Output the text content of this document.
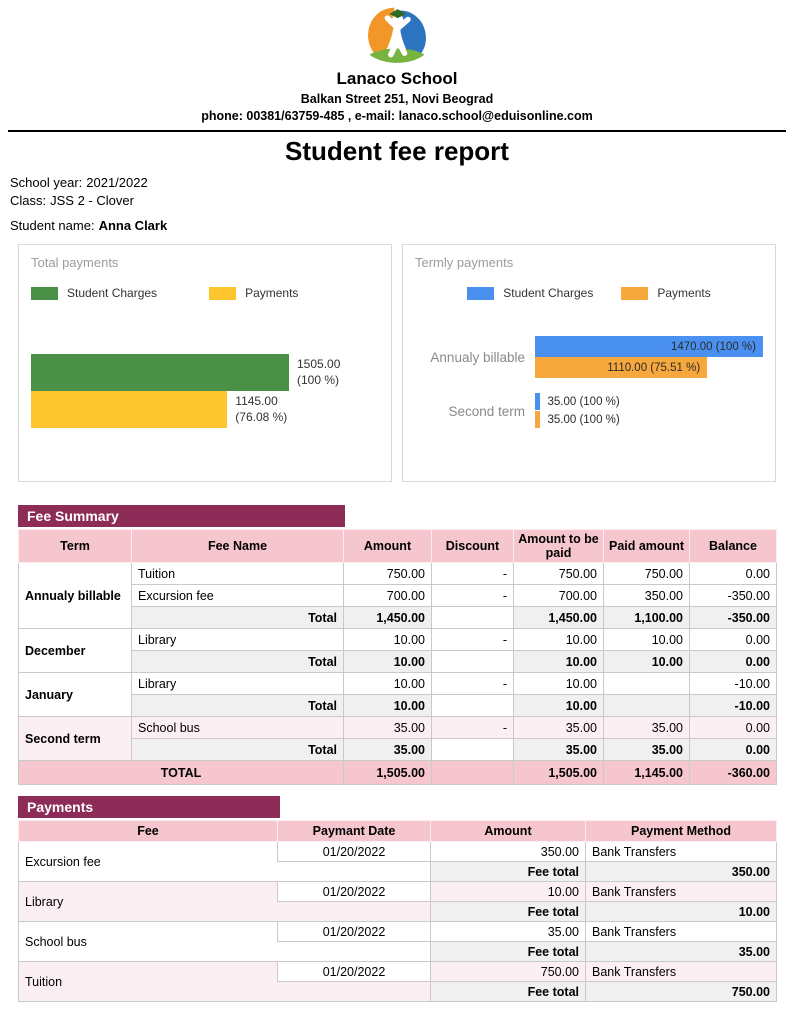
Lanaco School
Balkan Street 251, Novi Beograd
phone: 00381/63759-485 , e-mail: lanaco.school@eduisonline.com
Student fee report
School year: 2021/2022
Class: JSS 2 - Clover
Student name: Anna Clark
Total payments
Student Charges	Payments
1505.00
(100 %)
1145.00
(76.08 %)
Termly payments
Student Charges	Payments
Annualy billable
1470.00 (100 %)
1110.00 (75.51 %)
Second term
35.00 (100 %)
35.00 (100 %)
Fee Summary
Term	Fee Name	Amount	Discount	Amount to be paid	Paid amount	Balance
Annualy billable	Tuition	750.00	-	750.00	750.00	0.00
	Excursion fee	700.00	-	700.00	350.00	-350.00
	Total	1,450.00		1,450.00	1,100.00	-350.00
December	Library	10.00	-	10.00	10.00	0.00
	Total	10.00		10.00	10.00	0.00
January	Library	10.00	-	10.00		-10.00
	Total	10.00		10.00		-10.00
Second term	School bus	35.00	-	35.00	35.00	0.00
	Total	35.00		35.00	35.00	0.00
TOTAL		1,505.00		1,505.00	1,145.00	-360.00
Payments
Fee	Paymant Date	Amount	Payment Method
Excursion fee	01/20/2022	350.00	Bank Transfers
		Fee total	350.00
Library	01/20/2022	10.00	Bank Transfers
		Fee total	10.00
School bus	01/20/2022	35.00	Bank Transfers
		Fee total	35.00
Tuition	01/20/2022	750.00	Bank Transfers
		Fee total	750.00
